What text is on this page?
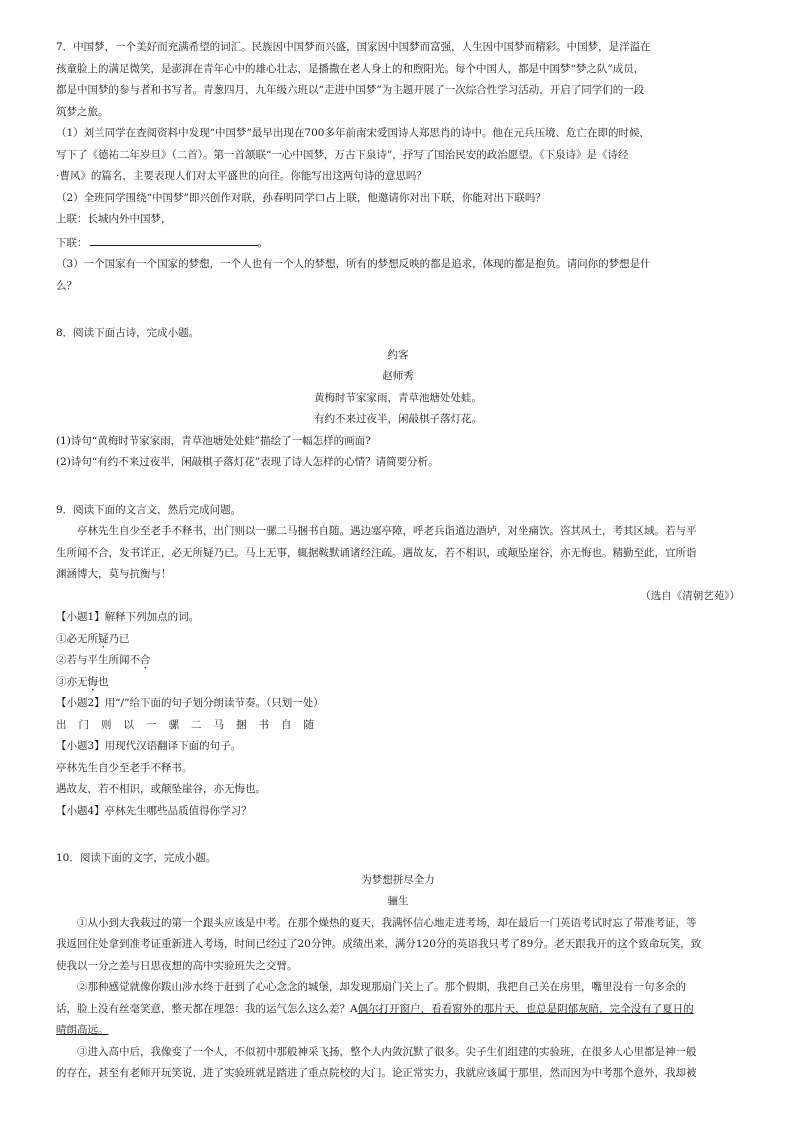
7．中国梦，一个美好而充满希望的词汇。民族因中国梦而兴盛，国家因中国梦而富强，人生因中国梦而精彩。中国梦，是洋溢在

孩童脸上的满足微笑，是澎湃在青年心中的雄心壮志，是播撒在老人身上的和煦阳光。每个中国人，都是中国梦“梦之队”成员，

都是中国梦的参与者和书写者。青葱四月，九年级六班以“走进中国梦”为主题开展了一次综合性学习活动，开启了同学们的一段

筑梦之旅。

（1）刘兰同学在查阅资料中发现“中国梦”最早出现在700多年前南宋爱国诗人郑思肖的诗中。他在元兵压境、危亡在即的时候，

写下了《德祐二年岁旦》（二首）。第一首颔联“一心中国梦，万古下泉诗”，抒写了国治民安的政治愿望。《下泉诗》是《诗经

·曹风》的篇名，主要表现人们对太平盛世的向往。你能写出这两句诗的意思吗？

（2）全班同学围绕“中国梦”即兴创作对联，孙春明同学口占上联，他邀请你对出下联，你能对出下联吗？

上联：长城内外中国梦，

下联：	。

（3）一个国家有一个国家的梦想，一个人也有一个人的梦想，所有的梦想反映的都是追求，体现的都是抱负。请问你的梦想是什

么？

8．阅读下面古诗，完成小题。

约客

赵师秀

黄梅时节家家雨，青草池塘处处蛙。

有约不来过夜半，闲敲棋子落灯花。

(1)诗句“黄梅时节家家雨，青草池塘处处蛙”描绘了一幅怎样的画面?

(2)诗句“有约不来过夜半，闲敲棋子落灯花”表现了诗人怎样的心情？请简要分析。

9．阅读下面的文言文，然后完成问题。

亭林先生自少至老手不释书，出门则以一骡二马捆书自随。遇边塞亭障，呼老兵诣道边酒垆，对坐痛饮。咨其风土，考其区域。若与平

生所闻不合，发书详正，必无所疑乃已。马上无事，辄据鞍默诵诸经注疏。遇故友，若不相识，或颠坠崖谷，亦无悔也。精勤至此，宜所诣

渊涵博大，莫与抗衡与！

（选自《清朝艺苑》）

【小题1】解释下列加点的词。

①必无所疑乃已

②若与平生所闻不合

③亦无悔也

【小题2】用“/”给下面的句子划分朗读节奏。（只划一处）

出门则以一骡二马捆书自随

【小题3】用现代汉语翻译下面的句子。

亭林先生自少至老手不释书。

遇故友，若不相识，或颠坠崖谷，亦无悔也。

【小题4】亭林先生哪些品质值得你学习？

10．阅读下面的文字，完成小题。

为梦想拼尽全力

骊生

①从小到大我栽过的第一个跟头应该是中考。在那个燥热的夏天，我满怀信心地走进考场，却在最后一门英语考试时忘了带准考证，等

我返回住处拿到准考证重新进入考场，时间已经过了20分钟。成绩出来，满分120分的英语我只考了89分。老天跟我开的这个致命玩笑，致

使我以一分之差与日思夜想的高中实验班失之交臂。

②那种感觉就像你跋山涉水终于赶到了心心念念的城堡，却发现那扇门关上了。那个假期，我把自己关在房里，嘴里没有一句多余的

话，脸上没有丝毫笑意，整天都在埋怨：我的运气怎么这么差？A偶尔打开窗户，看看窗外的那片天，也总是阴郁灰暗，完全没有了夏日的

晴朗高远。

③进入高中后，我像变了一个人，不似初中那般神采飞扬，整个人内敛沉默了很多。尖子生们组建的实验班，在很多人心里都是神一般

的存在，甚至有老师开玩笑说，进了实验班就是踏进了重点院校的大门。论正常实力，我就应该属于那里，然而因为中考那个意外，我却被
